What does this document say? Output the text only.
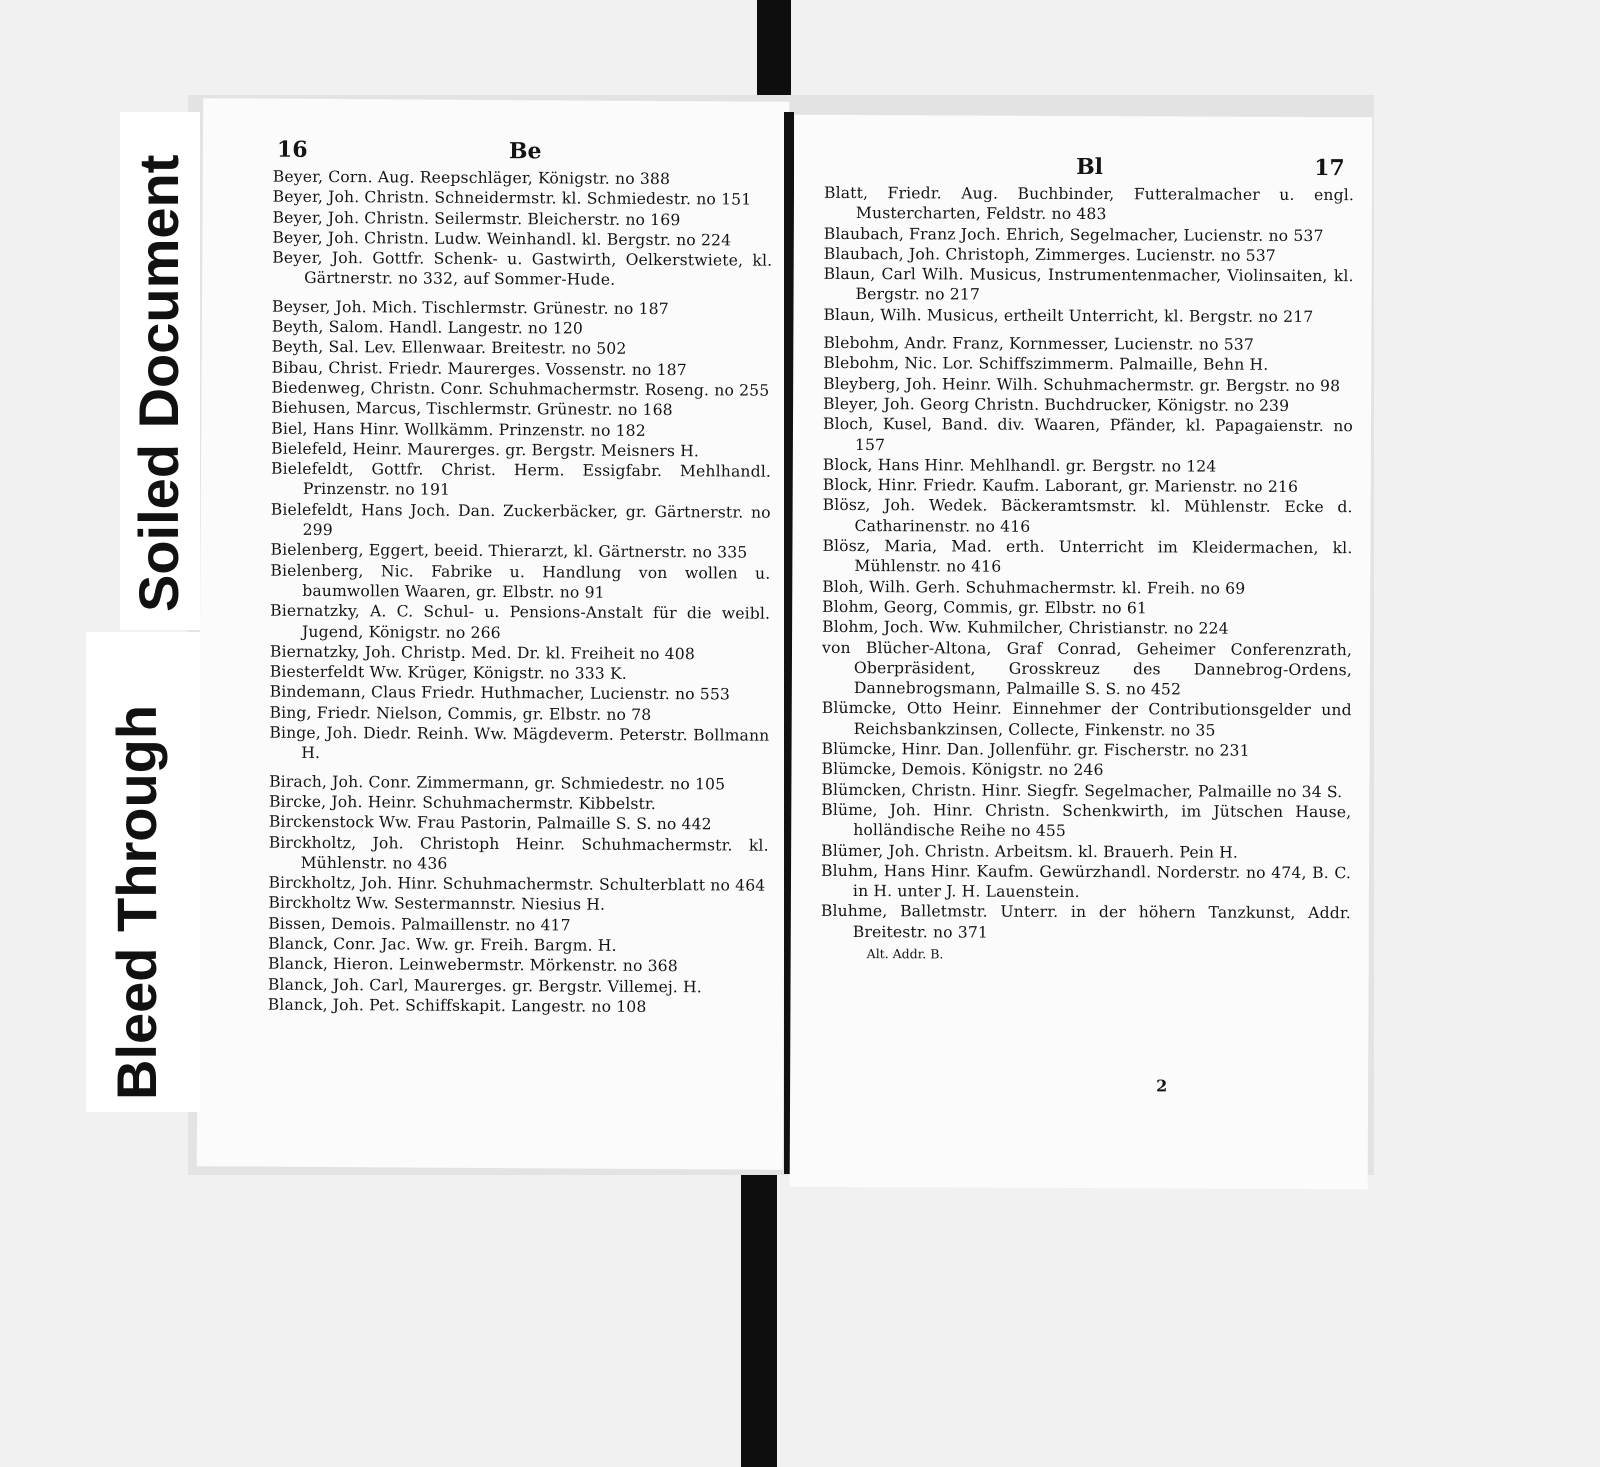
16	Be

Beyer, Corn. Aug. Reepschläger, Königstr. no 388

Beyer, Joh. Christn. Schneidermstr. kl. Schmiedestr. no 151

Beyer, Joh. Christn. Seilermstr. Bleicherstr. no 169

Beyer, Joh. Christn. Ludw. Weinhandl. kl. Bergstr. no 224

Beyer, Joh. Gottfr. Schenk- u. Gastwirth, Oelkerstwiete, kl. Gärtnerstr. no 332, auf Sommer-Hude.

Beyser, Joh. Mich. Tischlermstr. Grünestr. no 187

Beyth, Salom. Handl. Langestr. no 120

Beyth, Sal. Lev. Ellenwaar. Breitestr. no 502

Bibau, Christ. Friedr. Maurerges. Vossenstr. no 187

Biedenweg, Christn. Conr. Schuhmachermstr. Roseng. no 255

Biehusen, Marcus, Tischlermstr. Grünestr. no 168

Biel, Hans Hinr. Wollkämm. Prinzenstr. no 182

Bielefeld, Heinr. Maurerges. gr. Bergstr. Meisners H.

Bielefeldt, Gottfr. Christ. Herm. Essigfabr. Mehlhandl. Prinzenstr. no 191

Bielefeldt, Hans Joch. Dan. Zuckerbäcker, gr. Gärtnerstr. no 299

Bielenberg, Eggert, beeid. Thierarzt, kl. Gärtnerstr. no 335

Bielenberg, Nic. Fabrike u. Handlung von wollen u. baumwollen Waaren, gr. Elbstr. no 91

Biernatzky, A. C. Schul- u. Pensions-Anstalt für die weibl. Jugend, Königstr. no 266

Biernatzky, Joh. Christp. Med. Dr. kl. Freiheit no 408

Biesterfeldt Ww. Krüger, Königstr. no 333 K.

Bindemann, Claus Friedr. Huthmacher, Lucienstr. no 553

Bing, Friedr. Nielson, Commis, gr. Elbstr. no 78

Binge, Joh. Diedr. Reinh. Ww. Mägdeverm. Peterstr. Bollmann H.

Birach, Joh. Conr. Zimmermann, gr. Schmiedestr. no 105

Bircke, Joh. Heinr. Schuhmachermstr. Kibbelstr.

Birckenstock Ww. Frau Pastorin, Palmaille S. S. no 442

Birckholtz, Joh. Christoph Heinr. Schuhmachermstr. kl. Mühlenstr. no 436

Birckholtz, Joh. Hinr. Schuhmachermstr. Schulterblatt no 464

Birckholtz Ww. Sestermannstr. Niesius H.

Bissen, Demois. Palmaillenstr. no 417

Blanck, Conr. Jac. Ww. gr. Freih. Bargm. H.

Blanck, Hieron. Leinwebermstr. Mörkenstr. no 368

Blanck, Joh. Carl, Maurerges. gr. Bergstr. Villemej. H.

Blanck, Joh. Pet. Schiffskapit. Langestr. no 108

Bl	17

Blatt, Friedr. Aug. Buchbinder, Futteralmacher u. engl. Mustercharten, Feldstr. no 483

Blaubach, Franz Joch. Ehrich, Segelmacher, Lucienstr. no 537

Blaubach, Joh. Christoph, Zimmerges. Lucienstr. no 537

Blaun, Carl Wilh. Musicus, Instrumentenmacher, Violinsaiten, kl. Bergstr. no 217

Blaun, Wilh. Musicus, ertheilt Unterricht, kl. Bergstr. no 217

Blebohm, Andr. Franz, Kornmesser, Lucienstr. no 537

Blebohm, Nic. Lor. Schiffszimmerm. Palmaille, Behn H.

Bleyberg, Joh. Heinr. Wilh. Schuhmachermstr. gr. Bergstr. no 98

Bleyer, Joh. Georg Christn. Buchdrucker, Königstr. no 239

Bloch, Kusel, Band. div. Waaren, Pfänder, kl. Papagaienstr. no 157

Block, Hans Hinr. Mehlhandl. gr. Bergstr. no 124

Block, Hinr. Friedr. Kaufm. Laborant, gr. Marienstr. no 216

Blösz, Joh. Wedek. Bäckeramtsmstr. kl. Mühlenstr. Ecke d. Catharinenstr. no 416

Blösz, Maria, Mad. erth. Unterricht im Kleidermachen, kl. Mühlenstr. no 416

Bloh, Wilh. Gerh. Schuhmachermstr. kl. Freih. no 69

Blohm, Georg, Commis, gr. Elbstr. no 61

Blohm, Joch. Ww. Kuhmilcher, Christianstr. no 224

von Blücher-Altona, Graf Conrad, Geheimer Conferenzrath, Oberpräsident, Grosskreuz des Dannebrog-Ordens, Dannebrogsmann, Palmaille S. S. no 452

Blümcke, Otto Heinr. Einnehmer der Contributionsgelder und Reichsbankzinsen, Collecte, Finkenstr. no 35

Blümcke, Hinr. Dan. Jollenführ. gr. Fischerstr. no 231

Blümcke, Demois. Königstr. no 246

Blümcken, Christn. Hinr. Siegfr. Segelmacher, Palmaille no 34 S.

Blüme, Joh. Hinr. Christn. Schenkwirth, im Jütschen Hause, holländische Reihe no 455

Blümer, Joh. Christn. Arbeitsm. kl. Brauerh. Pein H.

Bluhm, Hans Hinr. Kaufm. Gewürzhandl. Norderstr. no 474, B. C. in H. unter J. H. Lauenstein.

Bluhme, Balletmstr. Unterr. in der höhern Tanzkunst, Addr. Breitestr. no 371

Alt. Addr. B.
2
Soiled Document
Bleed Through
